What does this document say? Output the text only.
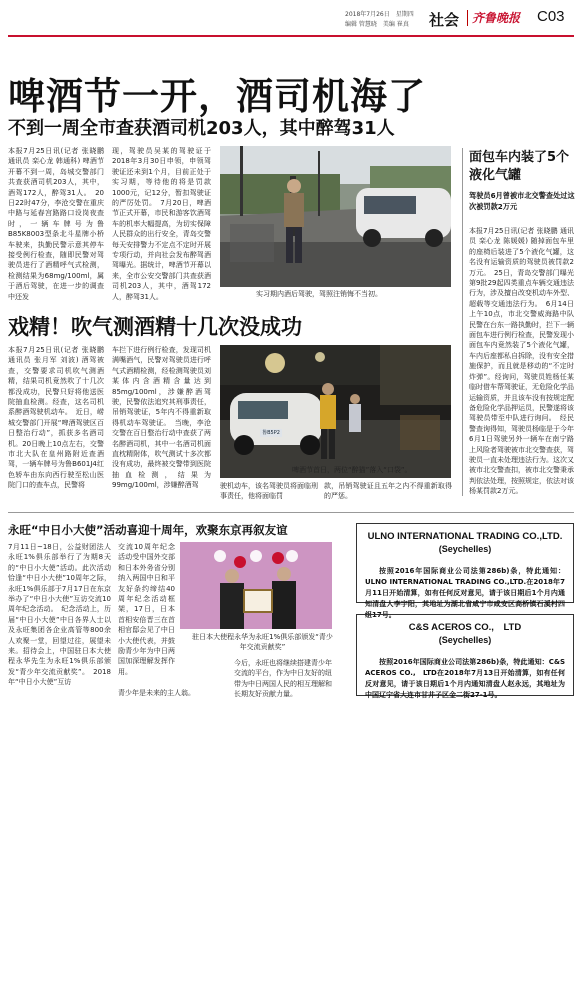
2018年7月26日　星期四
编辑 管慧晓　美编 崔真 社会 齐鲁晚报 C03
啤酒节一开，酒司机海了
不到一周全市查获酒司机203人，其中醉驾31人
本报7月25日讯(记者 张晓鹏 通讯员 栾心龙 韩通科) 啤酒节开幕不到一周，岛城交警部门共查获酒司机203人，其中，酒驾172人，醉驾31人。　20日22时47分，李沧交警在重庆中路与延春宫路路口设岗夜查时，一辆车牌号为鲁B85K8003型条北斗星牌小桥车驶来，执勤民警示意其停车接受例行检查，随即民警对驾驶员进行了酒精呼气式检测，检测结果为68mg/100ml，属于酒后驾驶，在进一步的调查中还发
现，驾驶员吴某的驾驶证于2018年3月30日申领，申领驾驶证还未到1个月，目前正处于实习期，等待他的将是罚款1000元，记12分，暂扣驾驶证的严厉处罚。　7月20日，啤酒节正式开幕，市民和游客饮酒驾车的机率大幅提高，为切实保障人民群众的出行安全，青岛交警每天安排警力不定点不定时开展专项行动，并向社会发布醉驾酒驾曝光。据统计，啤酒节开幕以来，全市公安交警部门共查获酒司机203人，其中，酒驾172人，醉驾31人。	实习期内酒后驾驶，驾照注销悔不当初。
面包车内装了5个液化气罐
驾驶员6月曾被市北交警查处过这次被罚款2万元
本报7月25日讯(记者 张晓鹏 通讯员 栾心龙 陈媛媛) 随掉面包车里的座椅后装进了5个液化气罐，这名没有运输资质的驾驶员被罚款2万元。　25日，青岛交警部门曝光第9批29起四类重点车辆交通违法行为，涉及擅自改变机动车外型、超载等交通违法行为。　6月14日上午10点，市北交警威海路中队民警在台东一路执勤时，拦下一辆面包车进行例行检查，民警发现小面包车内竟然装了5个液化气罐，车内后座都私自拆除，没有安全措施保护，而且就是移动的“不定时炸弹”。经询问，驾驶员姓杨任某临时借车帮驾驶证，无危险化学品运输资质，并且该车没有按规定配备危险化学品押运员，民警遂将该驾驶员带至中队进行询问。　经民警查询得知，驾驶员杨临是于今年6月1日驾驶另外一辆车在南宁路上风险者驾驶被市北交警查获，驾驶员一直未处理违法行为。这次又被市北交警查扣，被市北交警秉承判依法处理，按照规定，依法对该杨某罚款2万元。
戏精！吹气测酒精十几次没成功
本报7月25日讯(记者 张晓鹏 通讯员 张月军 刘波) 酒驾被查，交警要求司机吹气测酒精，结果司机竟然吹了十几次都没成功，民警只好将他送医院抽血检测。经查，这名司机系醉酒驾驶机动车。　近日，崂城交警部门开展“啤酒驾驶区百日整治行动”，抓获多名酒司机。20日晚上10点左右，交警市北大队在皇州路附近查酒驾，一辆车牌号为鲁B601J4红色轿车由东向西行驶至松山医院门口的查车点，民警将
车拦下进行例行检查，发现司机满嘴酒气，民警对驾驶员进行呼气式酒精检测，经检测驾驶员刘某体内含酒精含量达到85mg/100ml，涉嫌醉酒驾驶，民警依法追究其刑事责任，吊销驾驶证，5年内不得重新取得机动车驾驶证。　当晚，李沧交警在百日整治行动中查获了两名醉酒司机，其中一名酒司机面直枕精附体，吹气测试十多次都没有成功，最终被交警带到医院抽血检测，结果为99mg/100ml，涉嫌醉酒驾
鲁B5P2
啤酒节首日，两位“醉猫”落入“口袋”。
驶机动车，该名驾驶员将面临刑事责任，他将面临罚
款，吊销驾驶证且五年之内不得重新取得的严惩。
永旺“中日小大使”活动喜迎十周年，欢聚东京再叙友谊
7月11日~18日，公益财团法人永旺1%俱乐部举行了为期8天的“中日小大使”活动。此次活动恰逢“中日小大使”10周年之际，永旺1%俱乐部于7月17日在东京举办了“中日小大使”互访交流10周年纪念活动。　纪念活动上，历届“中日小大使”中日各界人士以及永旺集团各企业高管等800余人欢聚一堂，回望过往，展望未来。招待会上，中国驻日本大使程永华先生为永旺1%俱乐部颁发“青少年交流贡献奖”。　2018年“中日小大使”互访
交流10周年纪念活动受中国外交部和日本外务省分别纳入两国中日和平友好条约缔结40周年纪念活动框架，17日，日本首相安倍晋三在首相官邸会见了中日小大使代表，并鼓励青少年为中日两国加深理解发挥作用。
驻日本大使程永华为永旺1%俱乐部颁发“青少年交流贡献奖”
青少年是未来的主人翁。
今后，永旺也将继续搭建青少年交流的平台，作为中日友好的纽带为中日两国人民的相互理解和长期友好贡献力量。
ULNO INTERNATIONAL TRADING CO.,LTD.
(Seychelles)
按照2016年国际商业公司法第286b)条，特此通知：ULNO INTERNATIONAL TRADING CO.,LTD.在2018年7月11日开始清算，如有任何反对意见，请于该日期后1个月内通知清盘人李宇阳，其地址为湖北省咸宁市咸安区高桥镇石溪村四组17号。
C&S ACEROS CO.,　LTD
(Seychelles)
按照2016年国际商业公司法第286b)条，特此通知：C&S ACEROS CO.,　LTD在2018年7月13日开始清算，如有任何反对意见，请于该日期后1个月内通知清盘人赵永远，其地址为中国辽宁省大连市甘井子区金二街27-1号。
